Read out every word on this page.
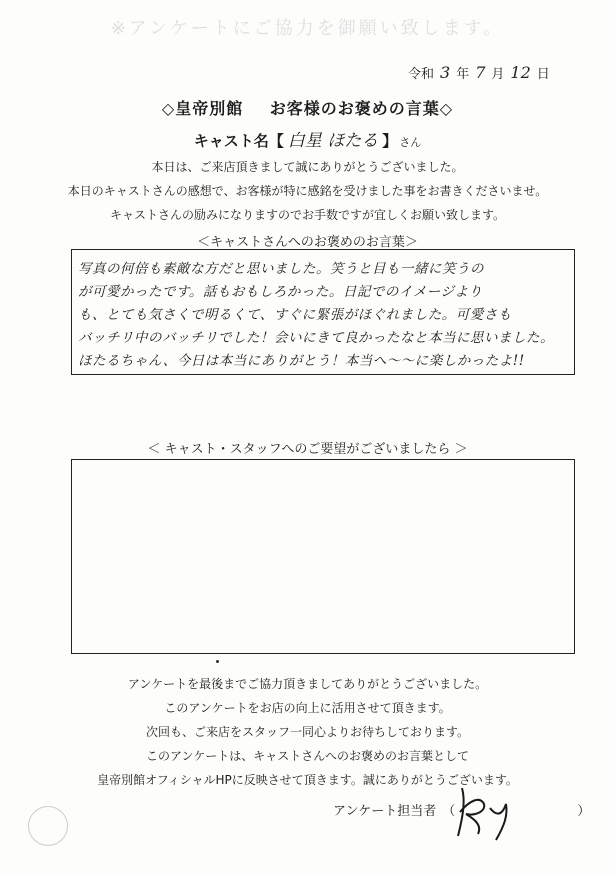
※アンケートにご協力を御願い致します。
令和 3 年 7 月 12 日
◇皇帝別館 お客様のお褒めの言葉◇
キャスト名【 白星 ほたる 】 さん
本日は、ご来店頂きまして誠にありがとうございました。
本日のキャストさんの感想で、お客様が特に感銘を受けました事をお書きくださいませ。
キャストさんの励みになりますのでお手数ですが宜しくお願い致します。
＜キャストさんへのお褒めのお言葉＞
写真の何倍も素敵な方だと思いました。笑うと目も一緒に笑うの
が可愛かったです。話もおもしろかった。日記でのイメージより
も、とても気さくで明るくて、すぐに緊張がほぐれました。可愛さも
バッチリ中のバッチリでした！会いにきて良かったなと本当に思いました。
ほたるちゃん、今日は本当にありがとう！本当へ〜〜に楽しかったよ!!
＜ キャスト・スタッフへのご要望がございましたら ＞
アンケートを最後までご協力頂きましてありがとうございました。
このアンケートをお店の向上に活用させて頂きます。
次回も、ご来店をスタッフ一同心よりお待ちしております。
このアンケートは、キャストさんへのお褒めのお言葉として
皇帝別館オフィシャルHPに反映させて頂きます。誠にありがとうございます。
アンケート担当者 （	）
